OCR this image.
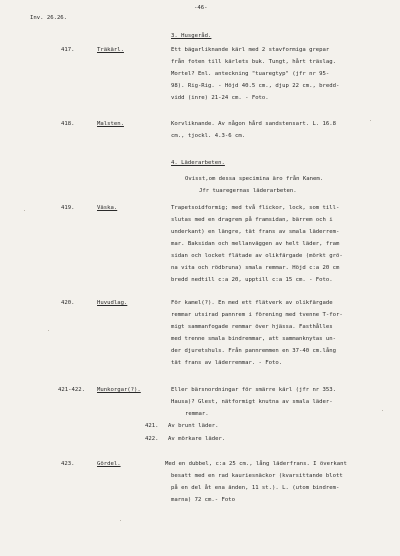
Inv. 26.26.
-46-
3. Husgeråd.
417.	Träkärl.	Ett bägarliknande kärl med 2 stavformiga grepar
från foten till kärlets buk. Tungt, hårt träslag.
Mortel? Enl. anteckning "tuaregtyp" (jfr nr 95-
98). Rig-Rig. - Höjd 40.5 cm., djup 22 cm., bredd-
vidd (inre) 21-24 cm. - Foto.
418.	Malsten.	Korvliknande. Av någon hård sandstensart. L. 16.8
cm., tjockl. 4.3-6 cm.
4. Läderarbeten.
Ovisst,om dessa specimina äro från Kanem.
Jfr tuaregernas läderarbeten.
419.	Väska.	Trapetsoidformig; med två flickor, lock, som till-
slutas med en dragrem på framsidan, bärrem och i
underkant) en längre, tät frans av smala läderrem-
mar. Baksidan och mellanväggen av helt läder, fram
sidan och locket flätade av olikfärgade (mörkt grö-
na vita och rödbruna) smala remmar. Höjd c:a 20 cm
bredd nedtill c:a 20, upptill c:a 15 cm. - Foto.
420.	Huvudlag.	För kamel(?). En med ett flätverk av olikfärgade
remmar utsirad pannrem i förening med tvenne T-for-
migt sammanfogade remmar över hjässa. Fasthålles
med trenne smala bindremmar, att sammanknytas un-
der djuretshuls. Från pannremmen en 37-40 cm.lång
tät frans av läderremmar. - Foto.
421-422. Munkorgar(?).	Eller bärsnordningar för smärre kärl (jfr nr 353.
Hausa)? Glest, nätformigt knutna av smala läder-
remmar.
421. Av brunt läder.
422. Av mörkare läder.
423.	Gördel.	Med en dubbel, c:a 25 cm., lång läderfrans. I överkant
besatt med en rad kauriesnäckor (kvarsittande blott
på en del åt ena änden, 11 st.). L. (utom bindrem-
marna) 72 cm.- Foto
